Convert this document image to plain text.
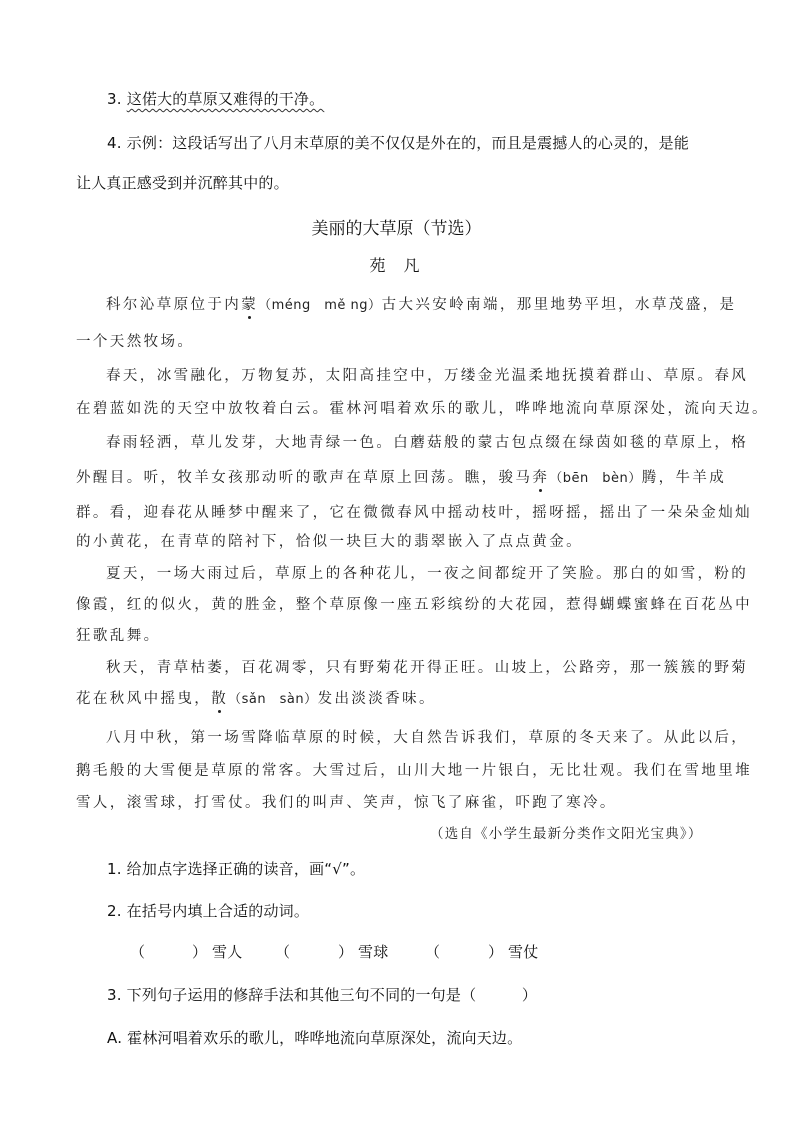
3. 这偌大的草原又难得的干净。
4. 示例：这段话写出了八月末草原的美不仅仅是外在的，而且是震撼人的心灵的，是能
让人真正感受到并沉醉其中的。
美丽的大草原（节选）
苑凡
科尔沁草原位于内蒙（méng　mě ng）古大兴安岭南端，那里地势平坦，水草茂盛，是
一个天然牧场。
春天，冰雪融化，万物复苏，太阳高挂空中，万缕金光温柔地抚摸着群山、草原。春风
在碧蓝如洗的天空中放牧着白云。霍林河唱着欢乐的歌儿，哗哗地流向草原深处，流向天边。
春雨轻洒，草儿发芽，大地青绿一色。白蘑菇般的蒙古包点缀在绿茵如毯的草原上，格
外醒目。听，牧羊女孩那动听的歌声在草原上回荡。瞧，骏马奔（bēn　bèn）腾，牛羊成
群。看，迎春花从睡梦中醒来了，它在微微春风中摇动枝叶，摇呀摇，摇出了一朵朵金灿灿
的小黄花，在青草的陪衬下，恰似一块巨大的翡翠嵌入了点点黄金。
夏天，一场大雨过后，草原上的各种花儿，一夜之间都绽开了笑脸。那白的如雪，粉的
像霞，红的似火，黄的胜金，整个草原像一座五彩缤纷的大花园，惹得蝴蝶蜜蜂在百花丛中
狂歌乱舞。
秋天，青草枯萎，百花凋零，只有野菊花开得正旺。山坡上，公路旁，那一簇簇的野菊
花在秋风中摇曳，散（sǎn　sàn）发出淡淡香味。
八月中秋，第一场雪降临草原的时候，大自然告诉我们，草原的冬天来了。从此以后，
鹅毛般的大雪便是草原的常客。大雪过后，山川大地一片银白，无比壮观。我们在雪地里堆
雪人，滚雪球，打雪仗。我们的叫声、笑声，惊飞了麻雀，吓跑了寒冷。
（选自《小学生最新分类作文阳光宝典》）
1. 给加点字选择正确的读音，画“√”。
2. 在括号内填上合适的动词。
（	） 雪人 （	） 雪球 （	） 雪仗
3. 下列句子运用的修辞手法和其他三句不同的一句是（　　　）
A. 霍林河唱着欢乐的歌儿，哗哗地流向草原深处，流向天边。
